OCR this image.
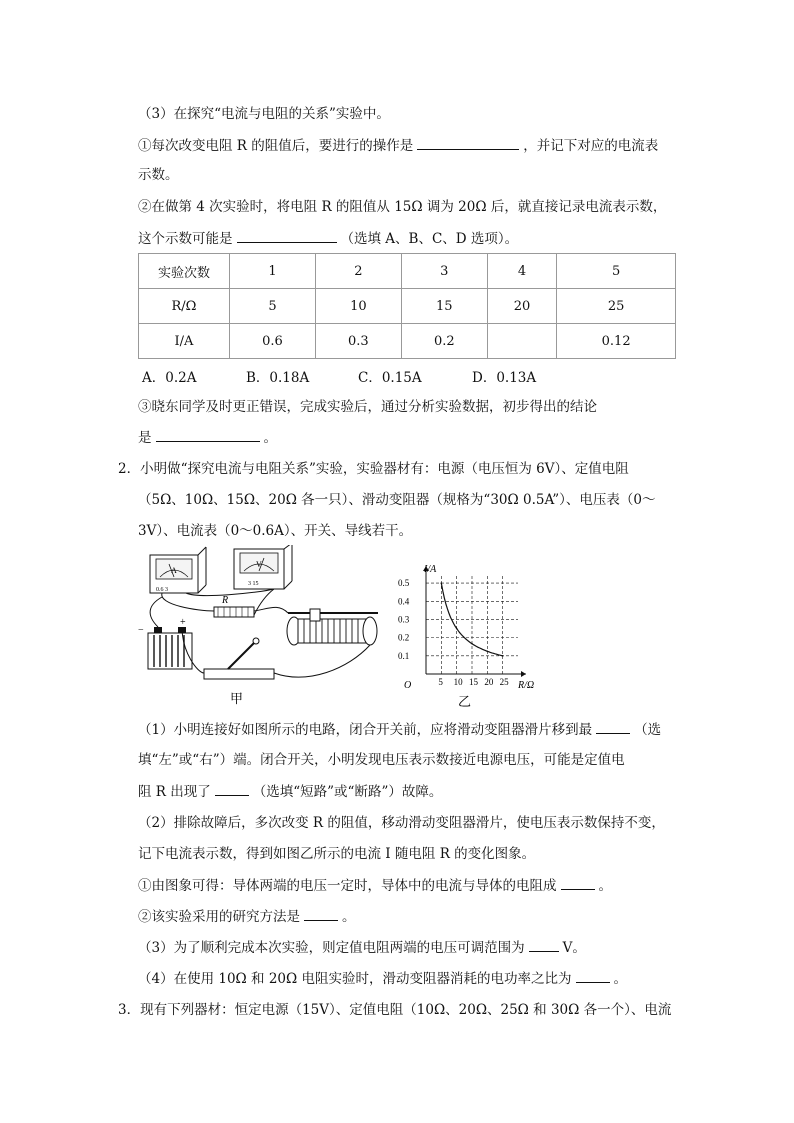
（3）在探究“电流与电阻的关系”实验中。
①每次改变电阻 R 的阻值后，要进行的操作是	，并记下对应的电流表
示数。
②在做第 4 次实验时，将电阻 R 的阻值从 15Ω 调为 20Ω 后，就直接记录电流表示数，
这个示数可能是	（选填 A、B、C、D 选项）。
实验次数	1	2	3	4	5
R/Ω	5	10	15	20	25
I/A	0.6	0.3	0.2		0.12
A．0.2A	B．0.18A	C．0.15A	D．0.13A
③晓东同学及时更正错误，完成实验后，通过分析实验数据，初步得出的结论
是	。
2．小明做“探究电流与电阻关系”实验，实验器材有：电源（电压恒为 6V）、定值电阻
（5Ω、10Ω、15Ω、20Ω 各一只）、滑动变阻器（规格为“30Ω 0.5A”）、电压表（0～
3V）、电流表（0～0.6A）、开关、导线若干。
A
0.6 3
V
3 15
R
+
−
甲
5 10 15 20 25
0.1
0.2
0.3
0.4
0.5
O	R/Ω
I/A
乙
（1）小明连接好如图所示的电路，闭合开关前，应将滑动变阻器滑片移到最	（选
填“左”或“右”）端。闭合开关，小明发现电压表示数接近电源电压，可能是定值电
阻 R 出现了	（选填“短路”或“断路”）故障。
（2）排除故障后，多次改变 R 的阻值，移动滑动变阻器滑片，使电压表示数保持不变，
记下电流表示数，得到如图乙所示的电流 I 随电阻 R 的变化图象。
①由图象可得：导体两端的电压一定时，导体中的电流与导体的电阻成	。
②该实验采用的研究方法是	。
（3）为了顺利完成本次实验，则定值电阻两端的电压可调范围为	V。
（4）在使用 10Ω 和 20Ω 电阻实验时，滑动变阻器消耗的电功率之比为	。
3．现有下列器材：恒定电源（15V）、定值电阻（10Ω、20Ω、25Ω 和 30Ω 各一个）、电流
